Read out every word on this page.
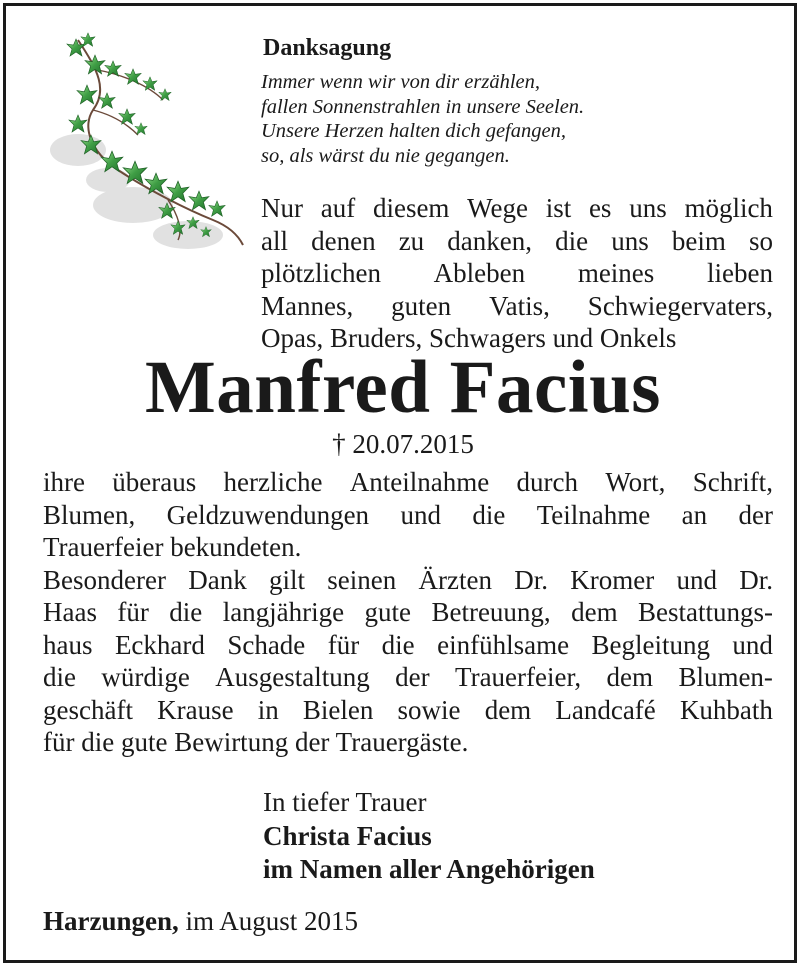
Danksagung
Immer wenn wir von dir erzählen,
fallen Sonnenstrahlen in unsere Seelen.
Unsere Herzen halten dich gefangen,
so, als wärst du nie gegangen.
Nur auf diesem Wege ist es uns möglich
all denen zu danken, die uns beim so
plötzlichen Ableben meines lieben
Mannes, guten Vatis, Schwiegervaters,
Opas, Bruders, Schwagers und Onkels
Manfred Facius
† 20.07.2015
ihre überaus herzliche Anteilnahme durch Wort, Schrift,
Blumen, Geldzuwendungen und die Teilnahme an der
Trauerfeier bekundeten.
Besonderer Dank gilt seinen Ärzten Dr. Kromer und Dr.
Haas für die langjährige gute Betreuung, dem Bestattungs-
haus Eckhard Schade für die einfühlsame Begleitung und
die würdige Ausgestaltung der Trauerfeier, dem Blumen-
geschäft Krause in Bielen sowie dem Landcafé Kuhbath
für die gute Bewirtung der Trauergäste.
In tiefer Trauer
Christa Facius
im Namen aller Angehörigen
Harzungen, im August 2015
